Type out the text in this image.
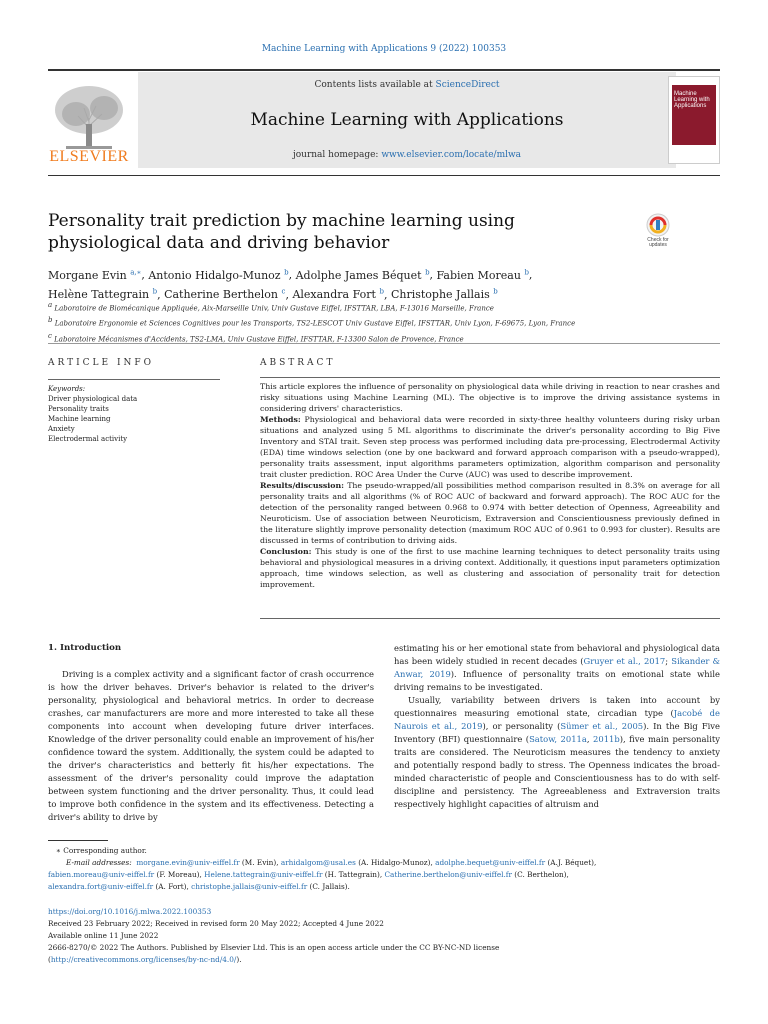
Machine Learning with Applications 9 (2022) 100353
ELSEVIER
Contents lists available at ScienceDirect
Machine Learning with Applications
journal homepage: www.elsevier.com/locate/mlwa
Machine Learning with Applications
Personality trait prediction by machine learning using physiological data and driving behavior	Check for updates
Morgane Evin $^{a,∗}$, Antonio Hidalgo-Munoz $^b$, Adolphe James Béquet $^b$, Fabien Moreau $^b$,
Helène Tattegrain $^b$, Catherine Berthelon $^c$, Alexandra Fort $^b$, Christophe Jallais $^b$
$^a$ Laboratoire de Biomécanique Appliquée, Aix-Marseille Univ, Univ Gustave Eiffel, IFSTTAR, LBA, F-13016 Marseille, France
$^b$ Laboratoire Ergonomie et Sciences Cognitives pour les Transports, TS2-LESCOT Univ Gustave Eiffel, IFSTTAR, Univ Lyon, F-69675, Lyon, France
$^c$ Laboratoire Mécanismes d'Accidents, TS2-LMA, Univ Gustave Eiffel, IFSTTAR, F-13300 Salon de Provence, France
ARTICLE INFO
Keywords:
Driver physiological data
Personality traits
Machine learning
Anxiety
Electrodermal activity
ABSTRACT

This article explores the influence of personality on physiological data while driving in reaction to near crashes and risky situations using Machine Learning (ML). The objective is to improve the driving assistance systems in considering drivers' characteristics.

Methods: Physiological and behavioral data were recorded in sixty-three healthy volunteers during risky urban situations and analyzed using 5 ML algorithms to discriminate the driver's personality according to Big Five Inventory and STAI trait. Seven step process was performed including data pre-processing, Electrodermal Activity (EDA) time windows selection (one by one backward and forward approach comparison with a pseudo-wrapped), personality traits assessment, input algorithms parameters optimization, algorithm comparison and personality trait cluster prediction. ROC Area Under the Curve (AUC) was used to describe improvement.

Results/discussion: The pseudo-wrapped/all possibilities method comparison resulted in 8.3% on average for all personality traits and all algorithms (% of ROC AUC of backward and forward approach). The ROC AUC for the detection of the personality ranged between 0.968 to 0.974 with better detection of Openness, Agreeability and Neuroticism. Use of association between Neuroticism, Extraversion and Conscientiousness previously defined in the literature slightly improve personality detection (maximum ROC AUC of 0.961 to 0.993 for cluster). Results are discussed in terms of contribution to driving aids.

Conclusion: This study is one of the first to use machine learning techniques to detect personality traits using behavioral and physiological measures in a driving context. Additionally, it questions input parameters optimization approach, time windows selection, as well as clustering and association of personality trait for detection improvement.

1. Introduction

Driving is a complex activity and a significant factor of crash occurrence is how the driver behaves. Driver's behavior is related to the driver's personality, physiological and behavioral metrics. In order to decrease crashes, car manufacturers are more and more interested to take all these components into account when developing future driver interfaces. Knowledge of the driver personality could enable an improvement of his/her confidence toward the system. Additionally, the system could be adapted to the driver's characteristics and betterly fit his/her expectations. The assessment of the driver's personality could improve the adaptation between system functioning and the driver personality. Thus, it could lead to improve both confidence in the system and its effectiveness. Detecting a driver's ability to drive by

estimating his or her emotional state from behavioral and physiological data has been widely studied in recent decades (Gruyer et al., 2017; Sikander & Anwar, 2019). Influence of personality traits on emotional state while driving remains to be investigated.

Usually, variability between drivers is taken into account by questionnaires measuring emotional state, circadian type (Jacobé de Naurois et al., 2019), or personality (Sümer et al., 2005). In the Big Five Inventory (BFI) questionnaire (Satow, 2011a, 2011b), five main personality traits are considered. The Neuroticism measures the tendency to anxiety and potentially respond badly to stress. The Openness indicates the broad-minded characteristic of people and Conscientiousness has to do with self-discipline and persistency. The Agreeableness and Extraversion traits respectively highlight capacities of altruism and

∗ Corresponding author.

E-mail addresses: morgane.evin@univ-eiffel.fr (M. Evin), arhidalgom@usal.es (A. Hidalgo-Munoz), adolphe.bequet@univ-eiffel.fr (A.J. Béquet),

fabien.moreau@univ-eiffel.fr (F. Moreau), Helene.tattegrain@univ-eiffel.fr (H. Tattegrain), Catherine.berthelon@univ-eiffel.fr (C. Berthelon),

alexandra.fort@univ-eiffel.fr (A. Fort), christophe.jallais@univ-eiffel.fr (C. Jallais).

https://doi.org/10.1016/j.mlwa.2022.100353

Received 23 February 2022; Received in revised form 20 May 2022; Accepted 4 June 2022

Available online 11 June 2022

2666-8270/© 2022 The Authors. Published by Elsevier Ltd. This is an open access article under the CC BY-NC-ND license

(http://creativecommons.org/licenses/by-nc-nd/4.0/).
